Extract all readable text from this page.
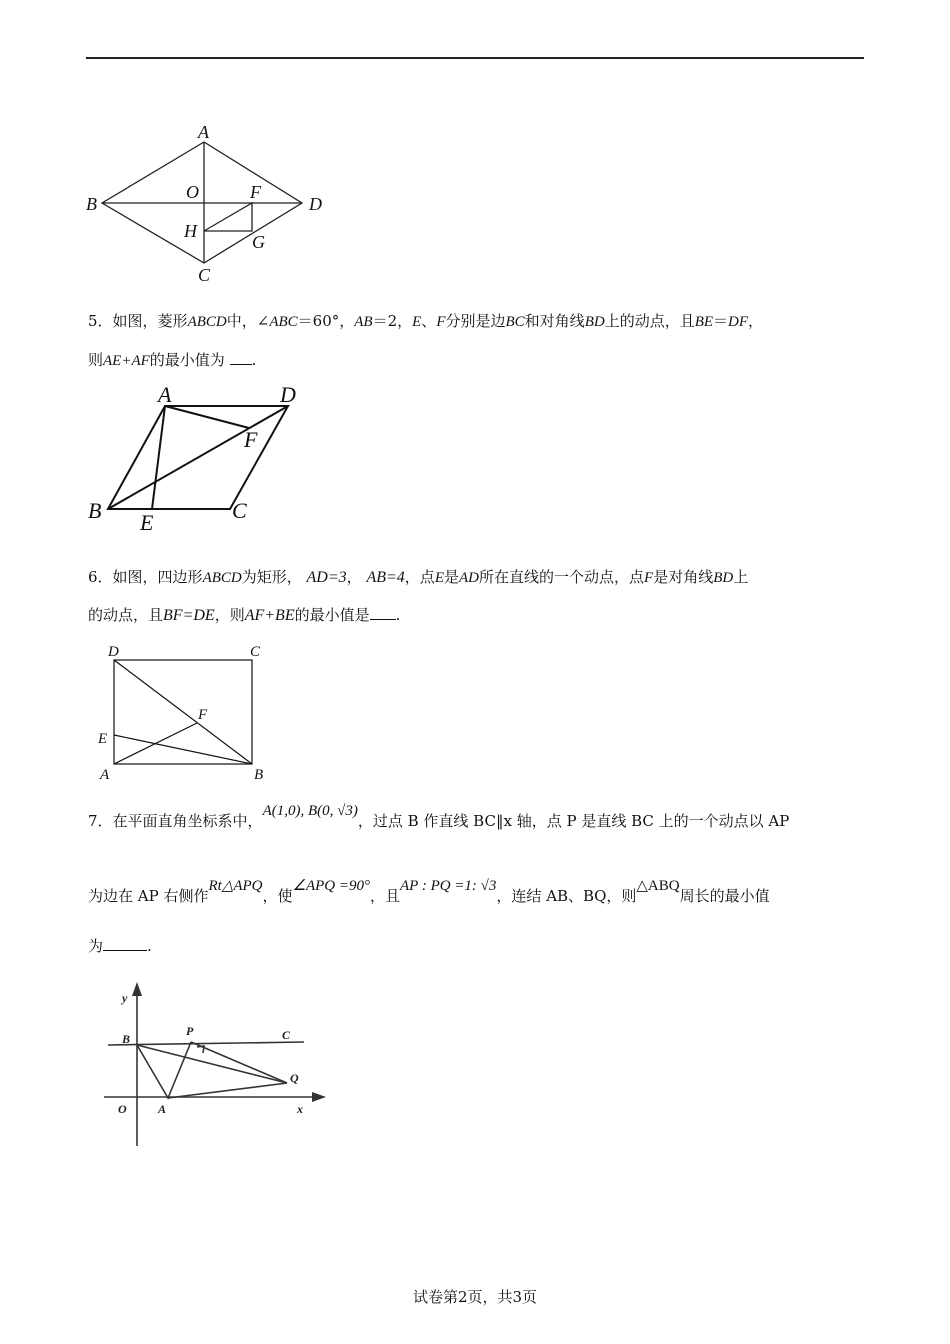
A
B
C
D
O	F
H
G
5．如图，菱形ABCD中，∠ABC＝60°，AB＝2，E、F分别是边BC和对角线BD上的动点，且BE＝DF，
则AE+AF的最小值为 .
A	D
F
B E	C
6．如图，四边形ABCD为矩形， AD=3， AB=4，点E是AD所在直线的一个动点，点F是对角线BD上
的动点，且BF=DE，则AF+BE的最小值是 .
D	C
F
E
A	B
7．在平面直角坐标系中，A(1,0), B(0, √3)，过点 B 作直线 BC‖x 轴，点 P 是直线 BC 上的一个动点以 AP
为边在 AP 右侧作Rt△APQ，使∠APQ =90°，且AP : PQ =1: √3，连结 AB、BQ，则△ABQ周长的最小值
为	.
y
x
B
P	C
Q
O	A
试卷第2页，共3页
